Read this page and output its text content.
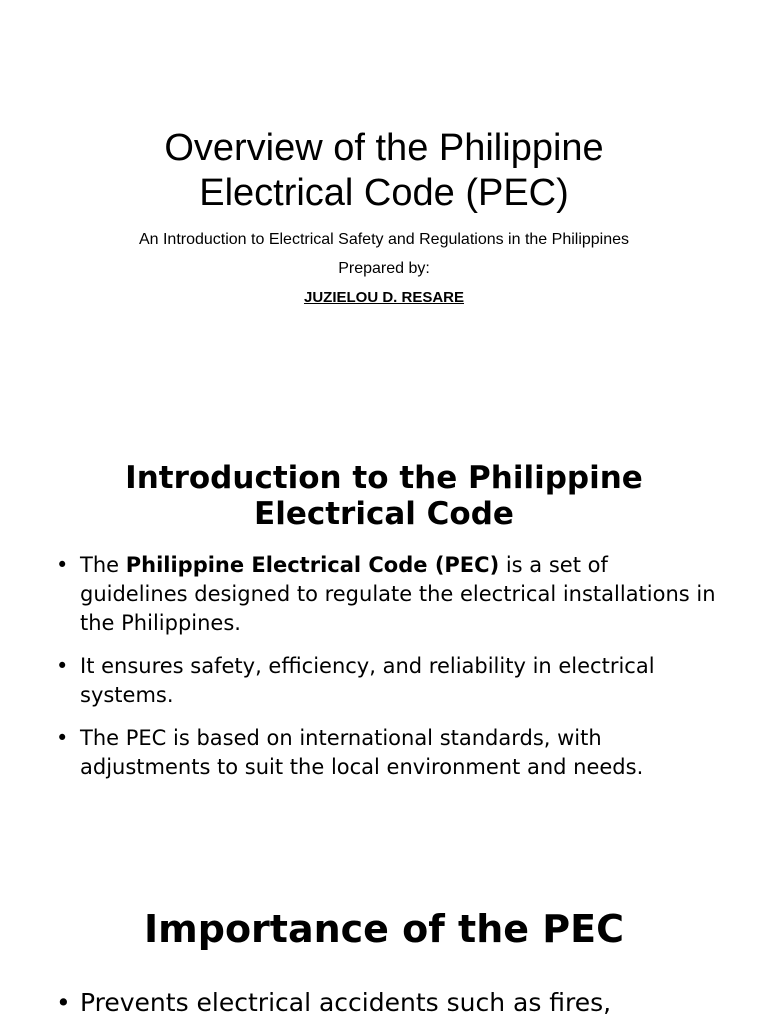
Overview of the Philippine
Electrical Code (PEC)

An Introduction to Electrical Safety and Regulations in the Philippines

Prepared by:

JUZIELOU D. RESARE

Introduction to the Philippine
Electrical Code
• The Philippine Electrical Code (PEC) is a set of guidelines designed to regulate the electrical installations in the Philippines.
• It ensures safety, efficiency, and reliability in electrical systems.
• The PEC is based on international standards, with adjustments to suit the local environment and needs.
Importance of the PEC
• Prevents electrical accidents such as fires,
